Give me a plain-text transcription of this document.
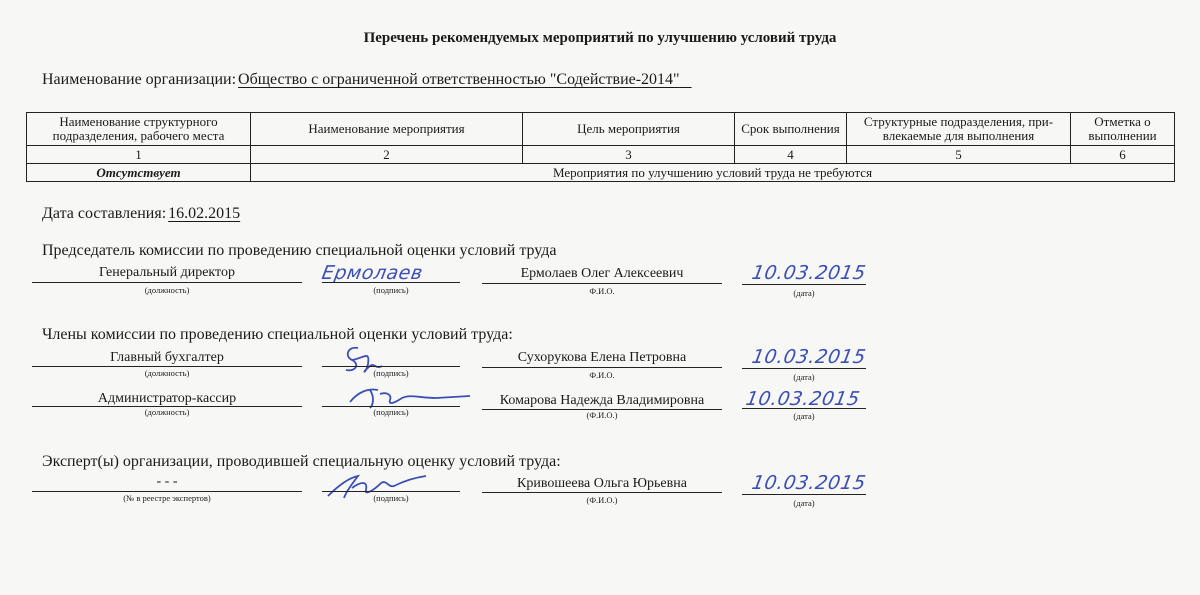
Перечень рекомендуемых мероприятий по улучшению условий труда
Наименование организации: Общество с ограниченной ответственностью "Содействие-2014"
Наименование структурного подразделения, рабочего места	Наименование мероприятия	Цель мероприятия	Срок выполнения	Структурные подразделения, при-влекаемые для выполнения	Отметка о выполнении
1	2	3	4	5	6
Отсутствует	Мероприятия по улучшению условий труда не требуются				
Дата составления: 16.02.2015
Председатель комиссии по проведению специальной оценки условий труда
Генеральный директор
(должность)
Ермолаев
(подпись)
Ермолаев Олег Алексеевич
Ф.И.О.
10.03.2015
(дата)
Члены комиссии по проведению специальной оценки условий труда:
Главный бухгалтер
(должность)	(подпись)
Сухорукова Елена Петровна
Ф.И.О.
10.03.2015
(дата)
Администратор-кассир
(должность)	(подпись)
Комарова Надежда Владимировна
(Ф.И.О.)
10.03.2015
(дата)
Эксперт(ы) организации, проводившей специальную оценку условий труда:
- - -
(№ в реестре экспертов)	(подпись)
Кривошеева Ольга Юрьевна
(Ф.И.О.)
10.03.2015
(дата)
